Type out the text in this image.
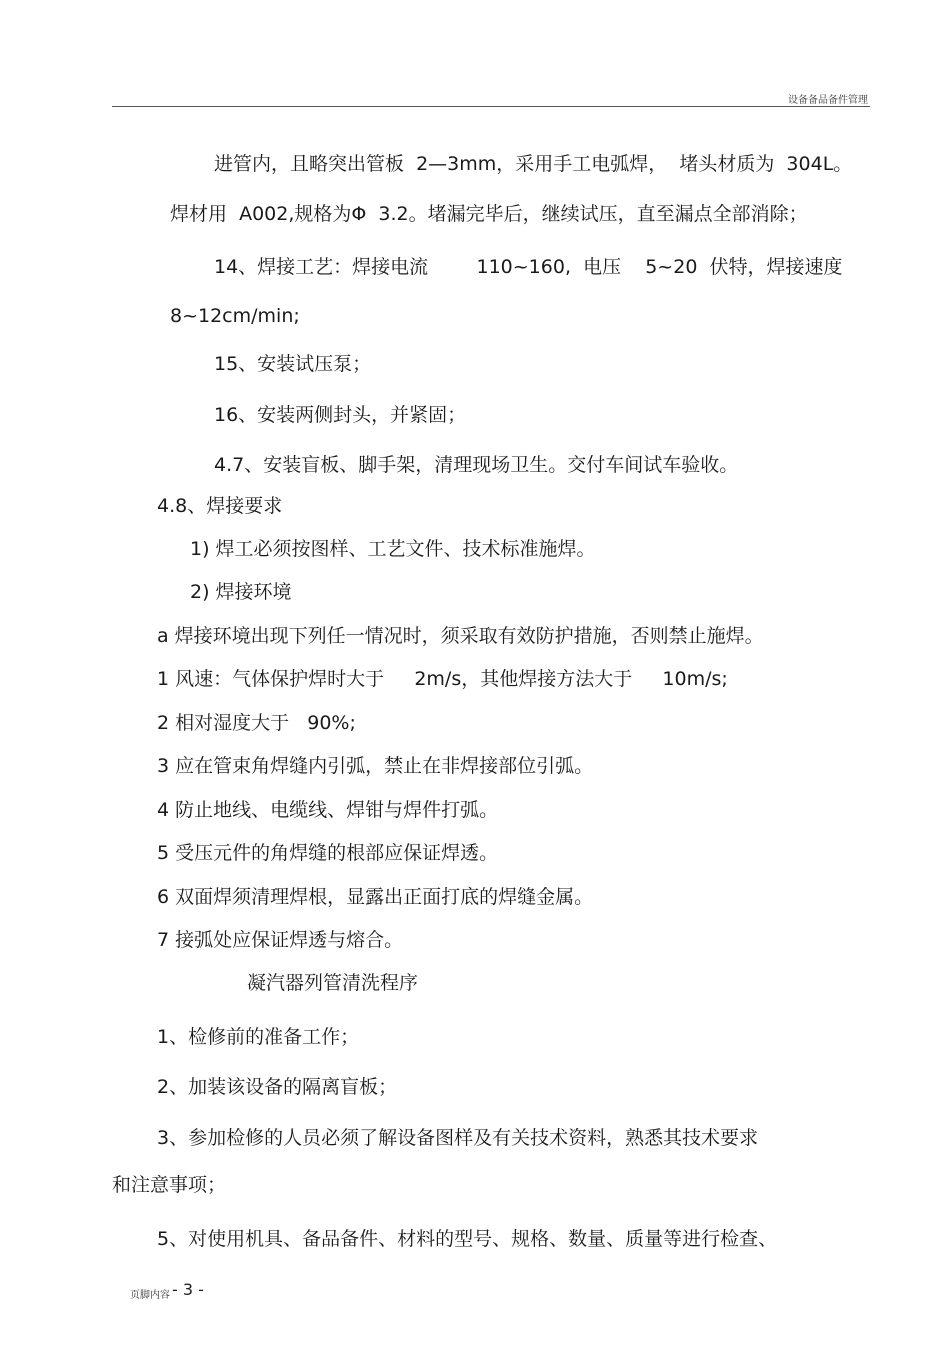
设备备品备件管理
进管内，且略突出管板  2—3mm，采用手工电弧焊，  堵头材质为  304L。
焊材用  A002,规格为Φ  3.2。堵漏完毕后，继续试压，直至漏点全部消除；
14、焊接工艺：焊接电流        110~160,  电压    5~20  伏特，焊接速度
8~12cm/min;
15、安装试压泵；
16、安装两侧封头，并紧固；
4.7、安装盲板、脚手架，清理现场卫生。交付车间试车验收。
4.8、焊接要求
1) 焊工必须按图样、工艺文件、技术标准施焊。
2) 焊接环境
a 焊接环境出现下列任一情况时，须采取有效防护措施，否则禁止施焊。
1 风速：气体保护焊时大于     2m/s，其他焊接方法大于     10m/s;
2 相对湿度大于   90%;
3 应在管束角焊缝内引弧，禁止在非焊接部位引弧。
4 防止地线、电缆线、焊钳与焊件打弧。
5 受压元件的角焊缝的根部应保证焊透。
6 双面焊须清理焊根，显露出正面打底的焊缝金属。
7 接弧处应保证焊透与熔合。
凝汽器列管清洗程序
1、检修前的准备工作；
2、加装该设备的隔离盲板；
3、参加检修的人员必须了解设备图样及有关技术资料，熟悉其技术要求
和注意事项；
5、对使用机具、备品备件、材料的型号、规格、数量、质量等进行检查、
页脚内容 - 3 -
